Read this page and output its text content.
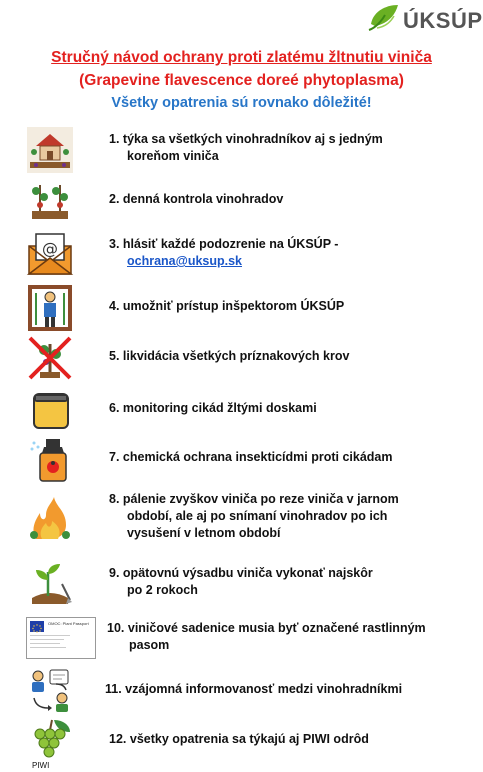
ÚKSÚP
Stručný návod ochrany proti zlatému žltnutiu viniča
(Grapevine flavescence doreé phytoplasma)
Všetky opatrenia sú rovnako dôležité!
1. týka sa všetkých vinohradníkov aj s jedným
koreňom viniča
2. denná kontrola vinohradov
@	3. hlásiť každé podozrenie na ÚKSÚP -
ochrana@uksup.sk
4. umožniť prístup inšpektorom ÚKSÚP
5. likvidácia všetkých príznakových krov
6. monitoring cikád žltými doskami
7. chemická ochrana insekticídmi proti cikádam
8. pálenie zvyškov viniča po reze viniča v jarnom
období, ale aj po snímaní vinohradov po ich
vysušení v letnom období
9. opätovnú výsadbu viniča vykonať najskôr
po 2 rokoch
OMOC: Plant Passport 10. viničové sadenice musia byť označené rastlinným
pasom
11. vzájomná informovanosť medzi vinohradníkmi
PIWI
12. všetky opatrenia sa týkajú aj PIWI odrôd
